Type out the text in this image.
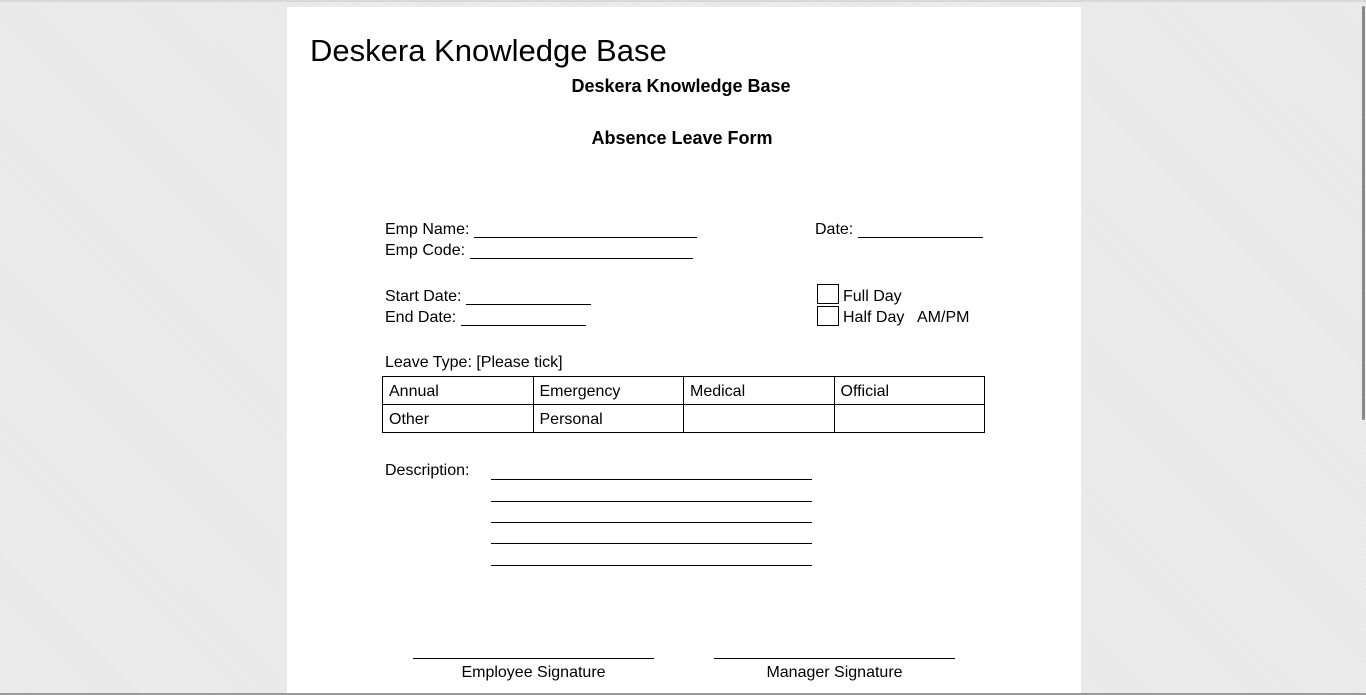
Deskera Knowledge Base
Deskera Knowledge Base
Absence Leave Form
Emp Name:	Date:
Emp Code:
Start Date:
End Date:
Full Day
Half Day AM/PM
Leave Type: [Please tick]
Annual	Emergency	Medical	Official
Other	Personal		
Description:
Employee Signature	Manager Signature
